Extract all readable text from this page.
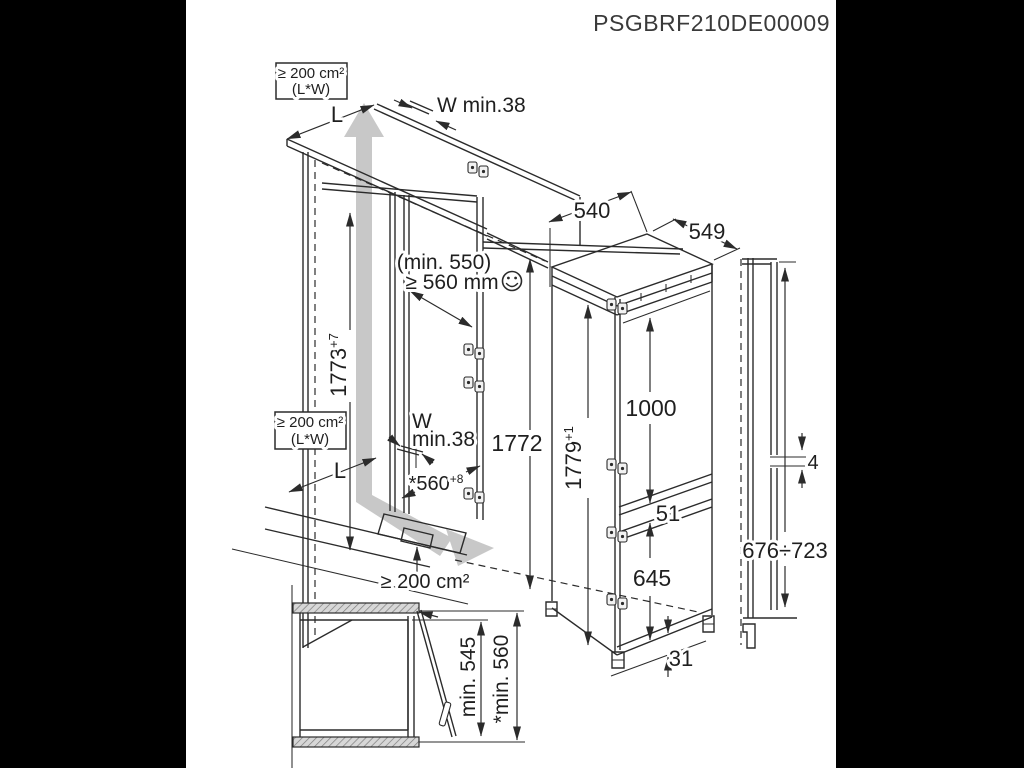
PSGBRF210DE00009
≥ 200 cm²
(L*W)
≥ 200 cm²
(L*W)
L	W min.38
540
549
(min. 550)
≥ 560 mm
$1773^{+7}$
W
min.38
L
$*560^{+8}$
1772 $1779^{+1}$
1000
51
645
31
≥ 200 cm²
4
676÷723
min. 545 *min. 560
